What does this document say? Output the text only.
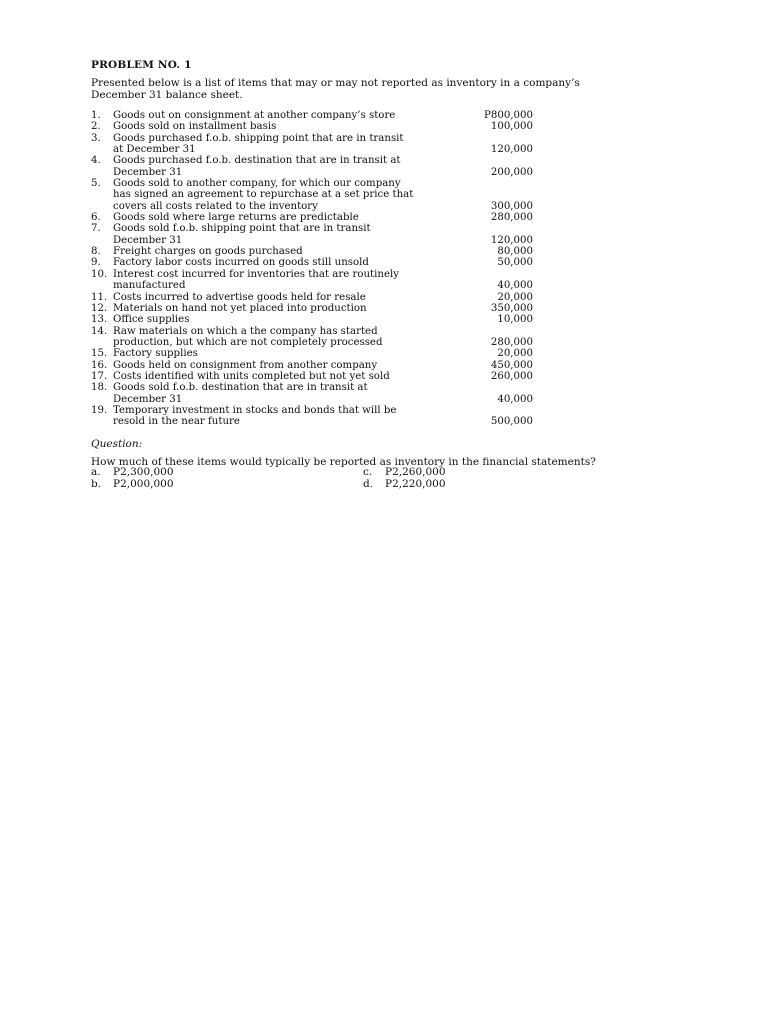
PROBLEM NO. 1
Presented below is a list of items that may or may not reported as inventory in a company’s
December 31 balance sheet.
1. Goods out on consignment at another company’s store	P800,000
2. Goods sold on installment basis	100,000
3. Goods purchased f.o.b. shipping point that are in transit
at December 31	120,000
4. Goods purchased f.o.b. destination that are in transit at
December 31	200,000
5. Goods sold to another company, for which our company
has signed an agreement to repurchase at a set price that
covers all costs related to the inventory	300,000
6. Goods sold where large returns are predictable	280,000
7. Goods sold f.o.b. shipping point that are in transit
December 31	120,000
8. Freight charges on goods purchased	80,000
9. Factory labor costs incurred on goods still unsold	50,000
10. Interest cost incurred for inventories that are routinely
manufactured	40,000
11. Costs incurred to advertise goods held for resale	20,000
12. Materials on hand not yet placed into production	350,000
13. Office supplies	10,000
14. Raw materials on which a the company has started
production, but which are not completely processed	280,000
15. Factory supplies	20,000
16. Goods held on consignment from another company	450,000
17. Costs identified with units completed but not yet sold	260,000
18. Goods sold f.o.b. destination that are in transit at
December 31	40,000
19. Temporary investment in stocks and bonds that will be
resold in the near future	500,000
Question:
How much of these items would typically be reported as inventory in the financial statements?
a. P2,300,000
b. P2,000,000
c. P2,260,000
d. P2,220,000
